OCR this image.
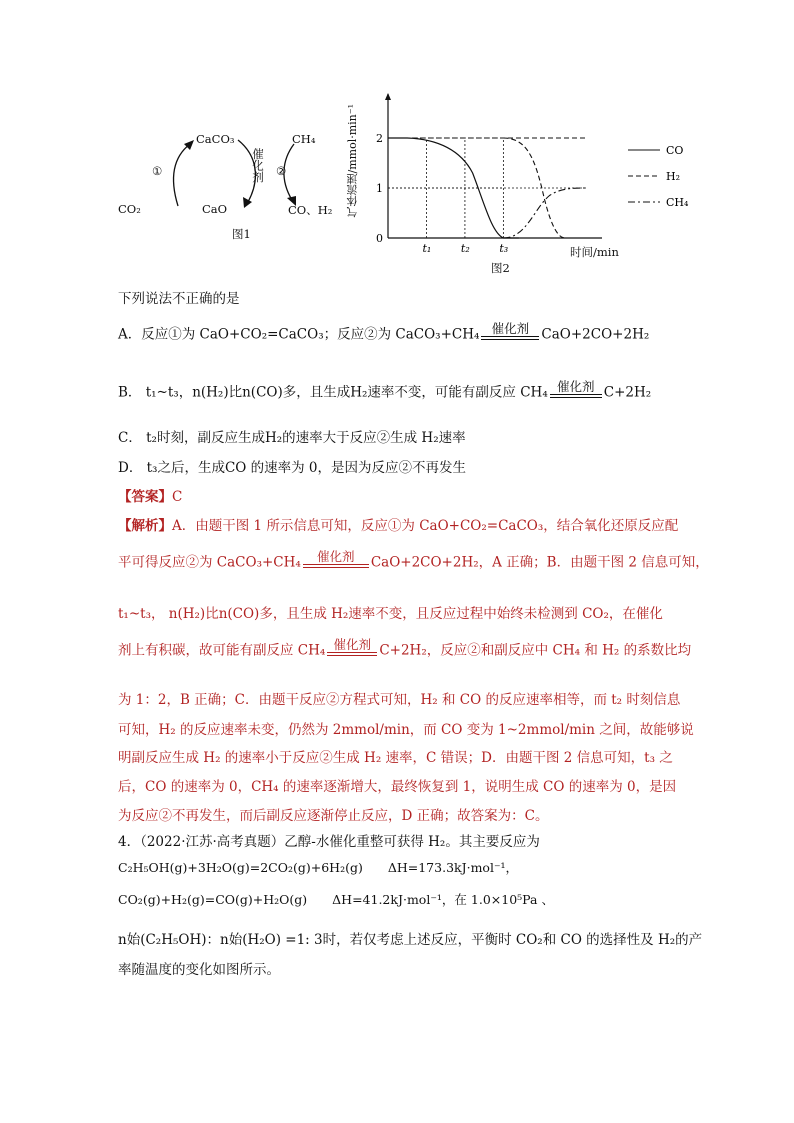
CaCO₃	CH₄
①	②
催化剂
CO₂	CaO	CO、H₂
图1	0
1
2
t₁	t₂	t₃
CO
H₂
CH₄
气体流速/mmol·min⁻¹
时间/min
图2
下列说法不正确的是
A．反应①为 CaO+CO₂=CaCO₃；反应②为 CaCO₃+CH₄ 催化剂 CaO+2CO+2H₂
B． t₁~t₃，n(H₂)比n(CO)多，且生成H₂速率不变，可能有副反应 CH₄ 催化剂 C+2H₂
C． t₂时刻，副反应生成H₂的速率大于反应②生成 H₂速率
D． t₃之后，生成CO 的速率为 0，是因为反应②不再发生
【答案】C
【解析】A．由题干图 1 所示信息可知，反应①为 CaO+CO₂=CaCO₃，结合氧化还原反应配
平可得反应②为 CaCO₃+CH₄	催化剂	CaO+2CO+2H₂，A 正确；B．由题干图 2 信息可知，
t₁~t₃， n(H₂)比n(CO)多，且生成 H₂速率不变，且反应过程中始终未检测到 CO₂，在催化
剂上有积碳，故可能有副反应 CH₄ 催化剂 C+2H₂，反应②和副反应中 CH₄ 和 H₂ 的系数比均
为 1：2，B 正确；C．由题干反应②方程式可知，H₂ 和 CO 的反应速率相等，而 t₂ 时刻信息
可知，H₂ 的反应速率未变，仍然为 2mmol/min，而 CO 变为 1~2mmol/min 之间，故能够说
明副反应生成 H₂ 的速率小于反应②生成 H₂ 速率，C 错误；D．由题干图 2 信息可知，t₃ 之
后，CO 的速率为 0，CH₄ 的速率逐渐增大，最终恢复到 1，说明生成 CO 的速率为 0，是因
为反应②不再发生，而后副反应逐渐停止反应，D 正确；故答案为：C。
4．（2022·江苏·高考真题）乙醇-水催化重整可获得 H₂。其主要反应为
C₂H₅OH(g)+3H₂O(g)=2CO₂(g)+6H₂(g)　　ΔH=173.3kJ·mol⁻¹，
CO₂(g)+H₂(g)=CO(g)+H₂O(g)　　ΔH=41.2kJ·mol⁻¹，在 1.0×10⁵Pa 、
n始(C₂H₅OH)：n始(H₂O) =1: 3时，若仅考虑上述反应，平衡时 CO₂和 CO 的选择性及 H₂的产
率随温度的变化如图所示。
